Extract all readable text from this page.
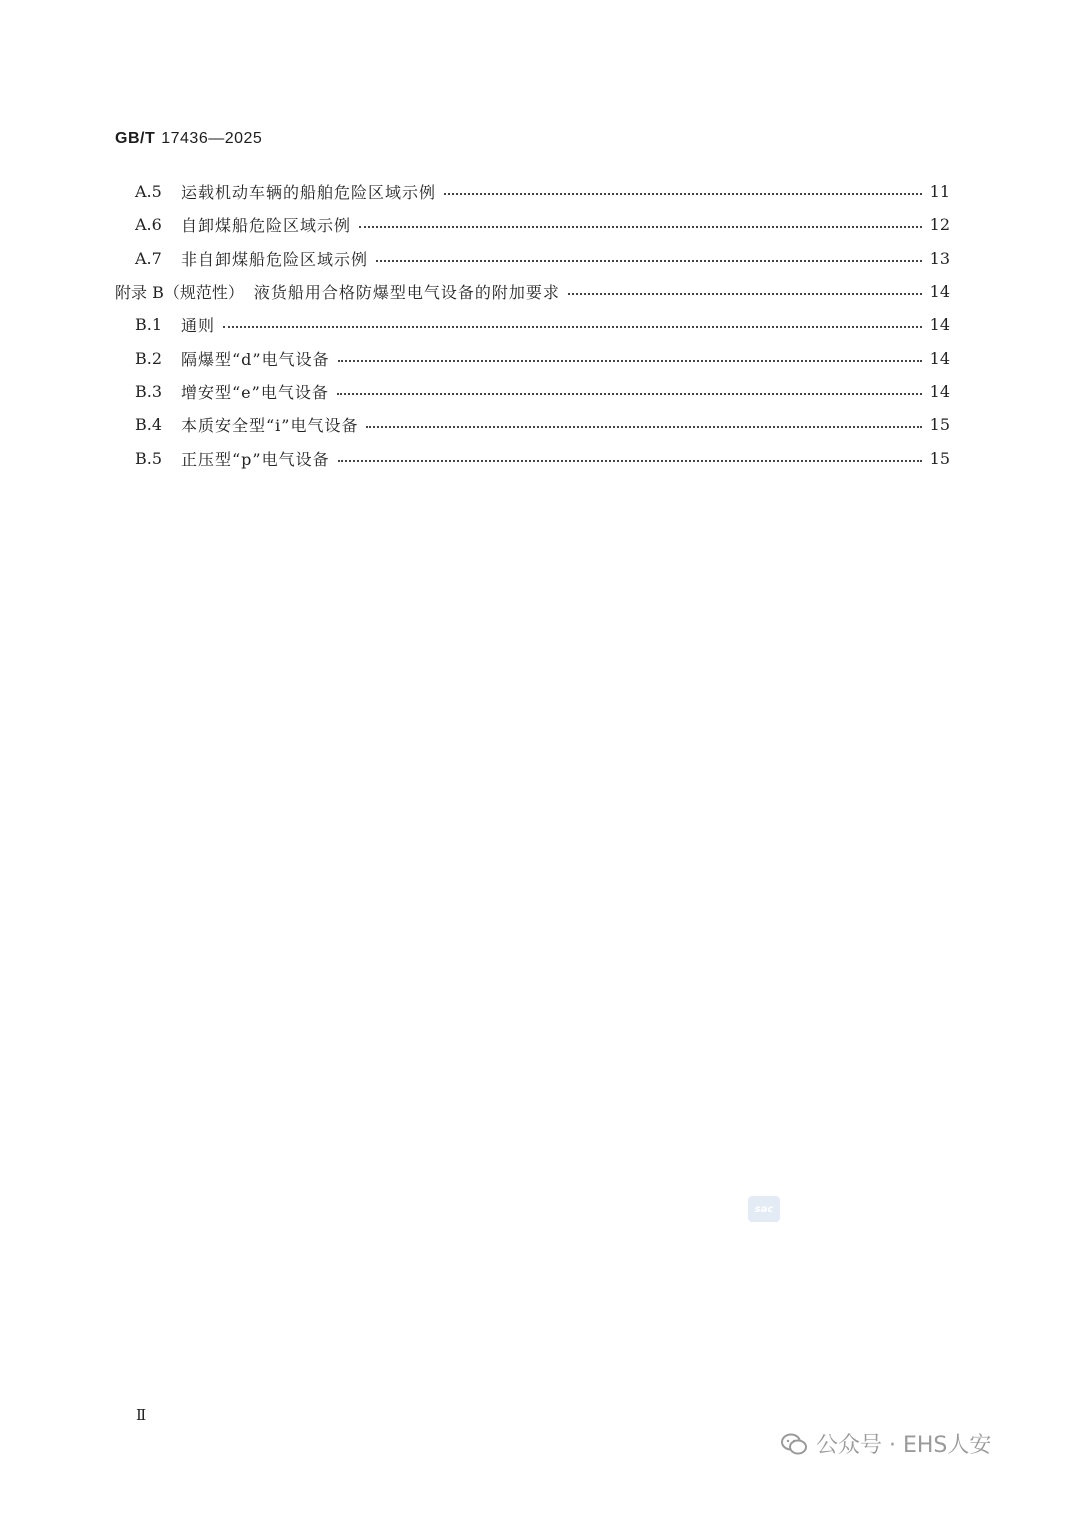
GB/T 17436—2025
A.5	运载机动车辆的船舶危险区域示例	11
A.6	自卸煤船危险区域示例	12
A.7	非自卸煤船危险区域示例	13
附录 B（规范性） 液货船用合格防爆型电气设备的附加要求	14
B.1	通则	14
B.2	隔爆型“d”电气设备	14
B.3	增安型“e”电气设备	14
B.4	本质安全型“i”电气设备	15
B.5	正压型“p”电气设备	15
sac
Ⅱ
公众号 · EHS人安
